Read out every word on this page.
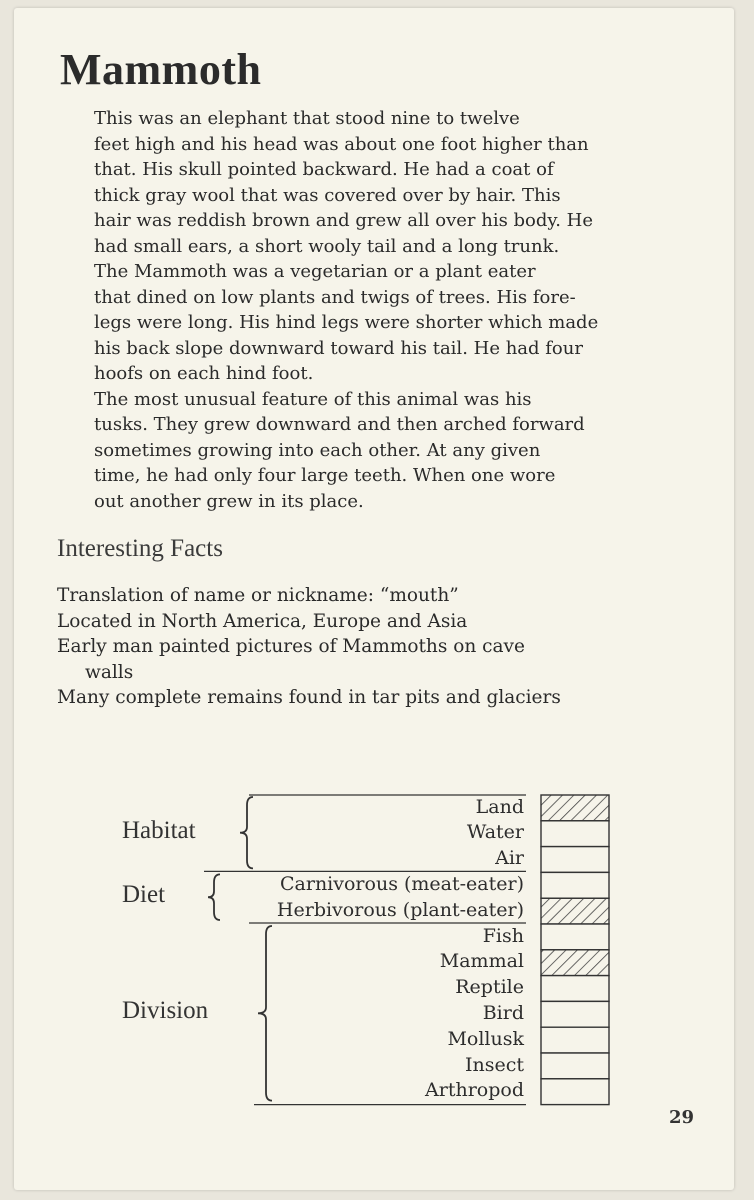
Mammoth

This was an elephant that stood nine to twelve
feet high and his head was about one foot higher than
that. His skull pointed backward. He had a coat of
thick gray wool that was covered over by hair. This
hair was reddish brown and grew all over his body. He
had small ears, a short wooly tail and a long trunk.

The Mammoth was a vegetarian or a plant eater
that dined on low plants and twigs of trees. His fore-
legs were long. His hind legs were shorter which made
his back slope downward toward his tail. He had four
hoofs on each hind foot.

The most unusual feature of this animal was his
tusks. They grew downward and then arched forward
sometimes growing into each other. At any given
time, he had only four large teeth. When one wore
out another grew in its place.

Interesting Facts
Translation of name or nickname: “mouth”
Located in North America, Europe and Asia
Early man painted pictures of Mammoths on cave
walls
Many complete remains found in tar pits and glaciers
Land
Water
Air
Habitat
Carnivorous (meat-eater)
Herbivorous (plant-eater)
Diet
Fish
Mammal
Reptile
Bird
Mollusk
Insect
Arthropod
Division
29
